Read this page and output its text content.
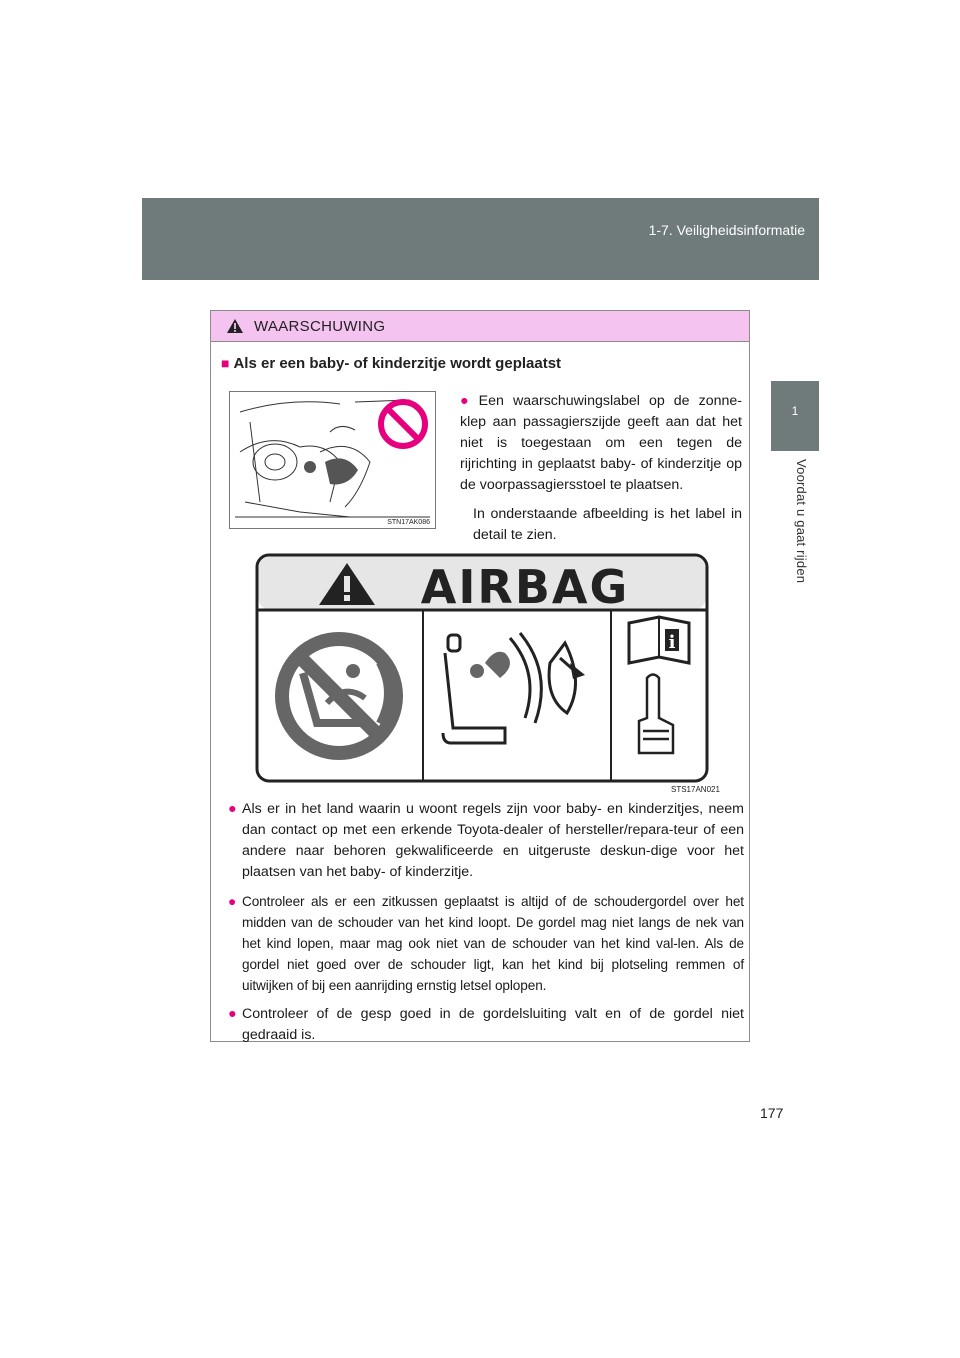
1-7. Veiligheidsinformatie
1
Voordat u gaat rijden
WAARSCHUWING
■ Als er een baby- of kinderzitje wordt geplaatst
STN17AK086
● Een waarschuwingslabel op de zonne-klep aan passagierszijde geeft aan dat het niet is toegestaan om een tegen de rijrichting in geplaatst baby- of kinderzitje op de voorpassagiersstoel te plaatsen.
In onderstaande afbeelding is het label in detail te zien.
AIRBAG
i
STS17AN021
● Als er in het land waarin u woont regels zijn voor baby- en kinderzitjes, neem dan contact op met een erkende Toyota-dealer of hersteller/repara-teur of een andere naar behoren gekwalificeerde en uitgeruste deskun-dige voor het plaatsen van het baby- of kinderzitje.
● Controleer als er een zitkussen geplaatst is altijd of de schoudergordel over het midden van de schouder van het kind loopt. De gordel mag niet langs de nek van het kind lopen, maar mag ook niet van de schouder van het kind val-len. Als de gordel niet goed over de schouder ligt, kan het kind bij plotseling remmen of uitwijken of bij een aanrijding ernstig letsel oplopen.
● Controleer of de gesp goed in de gordelsluiting valt en of de gordel niet gedraaid is.
177
